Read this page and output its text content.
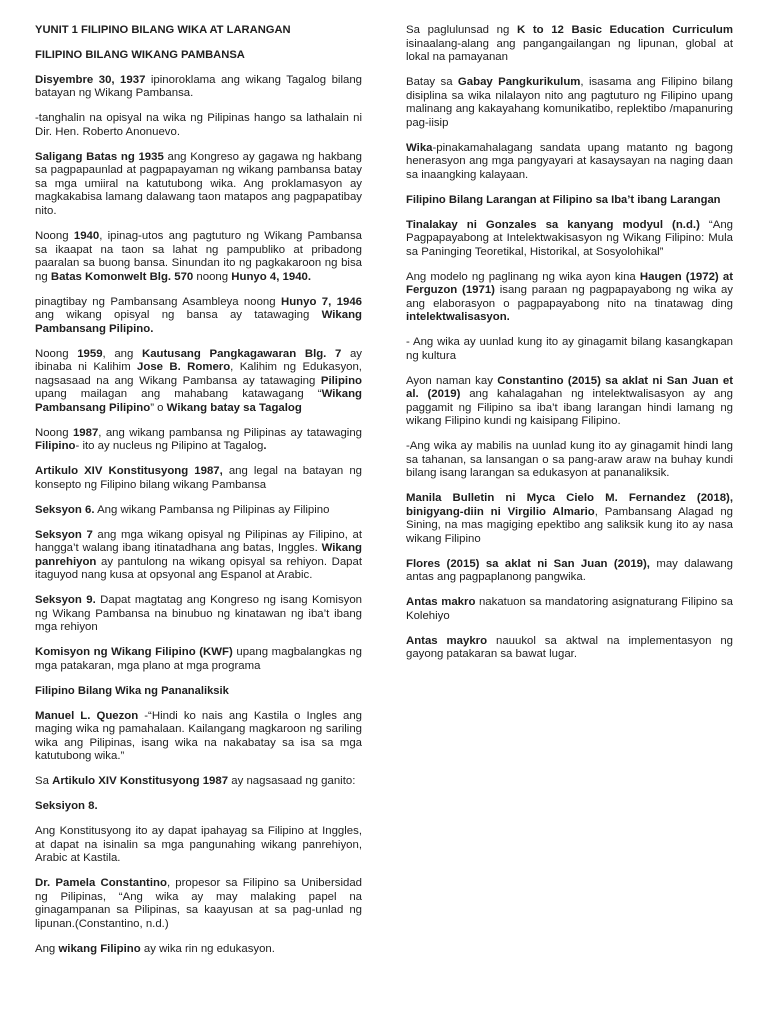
YUNIT 1 FILIPINO BILANG WIKA AT LARANGAN

FILIPINO BILANG WIKANG PAMBANSA

Disyembre 30, 1937 ipinoroklama ang wikang Tagalog bilang batayan ng Wikang Pambansa.

-tanghalin na opisyal na wika ng Pilipinas hango sa lathalain ni Dir. Hen. Roberto Anonuevo.

Saligang Batas ng 1935 ang Kongreso ay gagawa ng hakbang sa pagpapaunlad at pagpapayaman ng wikang pambansa batay sa mga umiiral na katutubong wika. Ang proklamasyon ay magkakabisa lamang dalawang taon matapos ang pagpapatibay nito.

Noong 1940, ipinag-utos ang pagtuturo ng Wikang Pambansa sa ikaapat na taon sa lahat ng pampubliko at pribadong paaralan sa buong bansa. Sinundan ito ng pagkakaroon ng bisa ng Batas Komonwelt Blg. 570 noong Hunyo 4, 1940.

pinagtibay ng Pambansang Asambleya noong Hunyo 7, 1946 ang wikang opisyal ng bansa ay tatawaging Wikang Pambansang Pilipino.

Noong 1959, ang Kautusang Pangkagawaran Blg. 7 ay ibinaba ni Kalihim Jose B. Romero, Kalihim ng Edukasyon, nagsasaad na ang Wikang Pambansa ay tatawaging Pilipino upang mailagan ang mahabang katawagang “Wikang Pambansang Pilipino” o Wikang batay sa Tagalog

Noong 1987, ang wikang pambansa ng Pilipinas ay tatawaging Filipino- ito ay nucleus ng Pilipino at Tagalog.

Artikulo XIV Konstitusyong 1987, ang legal na batayan ng konsepto ng Filipino bilang wikang Pambansa

Seksyon 6. Ang wikang Pambansa ng Pilipinas ay Filipino

Seksyon 7 ang mga wikang opisyal ng Pilipinas ay Filipino, at hangga’t walang ibang itinatadhana ang batas, Inggles. Wikang panrehiyon ay pantulong na wikang opisyal sa rehiyon. Dapat itaguyod nang kusa at opsyonal ang Espanol at Arabic.

Seksyon 9. Dapat magtatag ang Kongreso ng isang Komisyon ng Wikang Pambansa na binubuo ng kinatawan ng iba’t ibang mga rehiyon

Komisyon ng Wikang Filipino (KWF) upang magbalangkas ng mga patakaran, mga plano at mga programa

Filipino Bilang Wika ng Pananaliksik

Manuel L. Quezon -“Hindi ko nais ang Kastila o Ingles ang maging wika ng pamahalaan. Kailangang magkaroon ng sariling wika ang Pilipinas, isang wika na nakabatay sa isa sa mga katutubong wika.”

Sa Artikulo XIV Konstitusyong 1987 ay nagsasaad ng ganito:

Seksiyon 8.

Ang Konstitusyong ito ay dapat ipahayag sa Filipino at Inggles, at dapat na isinalin sa mga pangunahing wikang panrehiyon, Arabic at Kastila.

Dr. Pamela Constantino, propesor sa Filipino sa Unibersidad ng Pilipinas, “Ang wika ay may malaking papel na ginagampanan sa Pilipinas, sa kaayusan at sa pag-unlad ng lipunan.(Constantino, n.d.)

Ang wikang Filipino ay wika rin ng edukasyon.

Sa paglulunsad ng K to 12 Basic Education Curriculum isinaalang-alang ang pangangailangan ng lipunan, global at lokal na pamayanan

Batay sa Gabay Pangkurikulum, isasama ang Filipino bilang disiplina sa wika nilalayon nito ang pagtuturo ng Filipino upang malinang ang kakayahang komunikatibo, replektibo /mapanuring pag-iisip

Wika-pinakamahalagang sandata upang matanto ng bagong henerasyon ang mga pangyayari at kasaysayan na naging daan sa inaangking kalayaan.

Filipino Bilang Larangan at Filipino sa Iba’t ibang Larangan

Tinalakay ni Gonzales sa kanyang modyul (n.d.) “Ang Pagpapayabong at Intelektwakisasyon ng Wikang Filipino: Mula sa Paninging Teoretikal, Historikal, at Sosyolohikal”

Ang modelo ng paglinang ng wika ayon kina Haugen (1972) at Ferguzon (1971) isang paraan ng pagpapayabong ng wika ay ang elaborasyon o pagpapayabong nito na tinatawag ding intelektwalisasyon.

- Ang wika ay uunlad kung ito ay ginagamit bilang kasangkapan ng kultura

Ayon naman kay Constantino (2015) sa aklat ni San Juan et al. (2019) ang kahalagahan ng intelektwalisasyon ay ang paggamit ng Filipino sa iba’t ibang larangan hindi lamang ng wikang Filipino kundi ng kaisipang Filipino.

-Ang wika ay mabilis na uunlad kung ito ay ginagamit hindi lang sa tahanan, sa lansangan o sa pang-araw araw na buhay kundi bilang isang larangan sa edukasyon at pananaliksik.

Manila Bulletin ni Myca Cielo M. Fernandez (2018), binigyang-diin ni Virgilio Almario, Pambansang Alagad ng Sining, na mas magiging epektibo ang saliksik kung ito ay nasa wikang Filipino

Flores (2015) sa aklat ni San Juan (2019), may dalawang antas ang pagpaplanong pangwika.

Antas makro nakatuon sa mandatoring asignaturang Filipino sa Kolehiyo

Antas maykro nauukol sa aktwal na implementasyon ng gayong patakaran sa bawat lugar.
